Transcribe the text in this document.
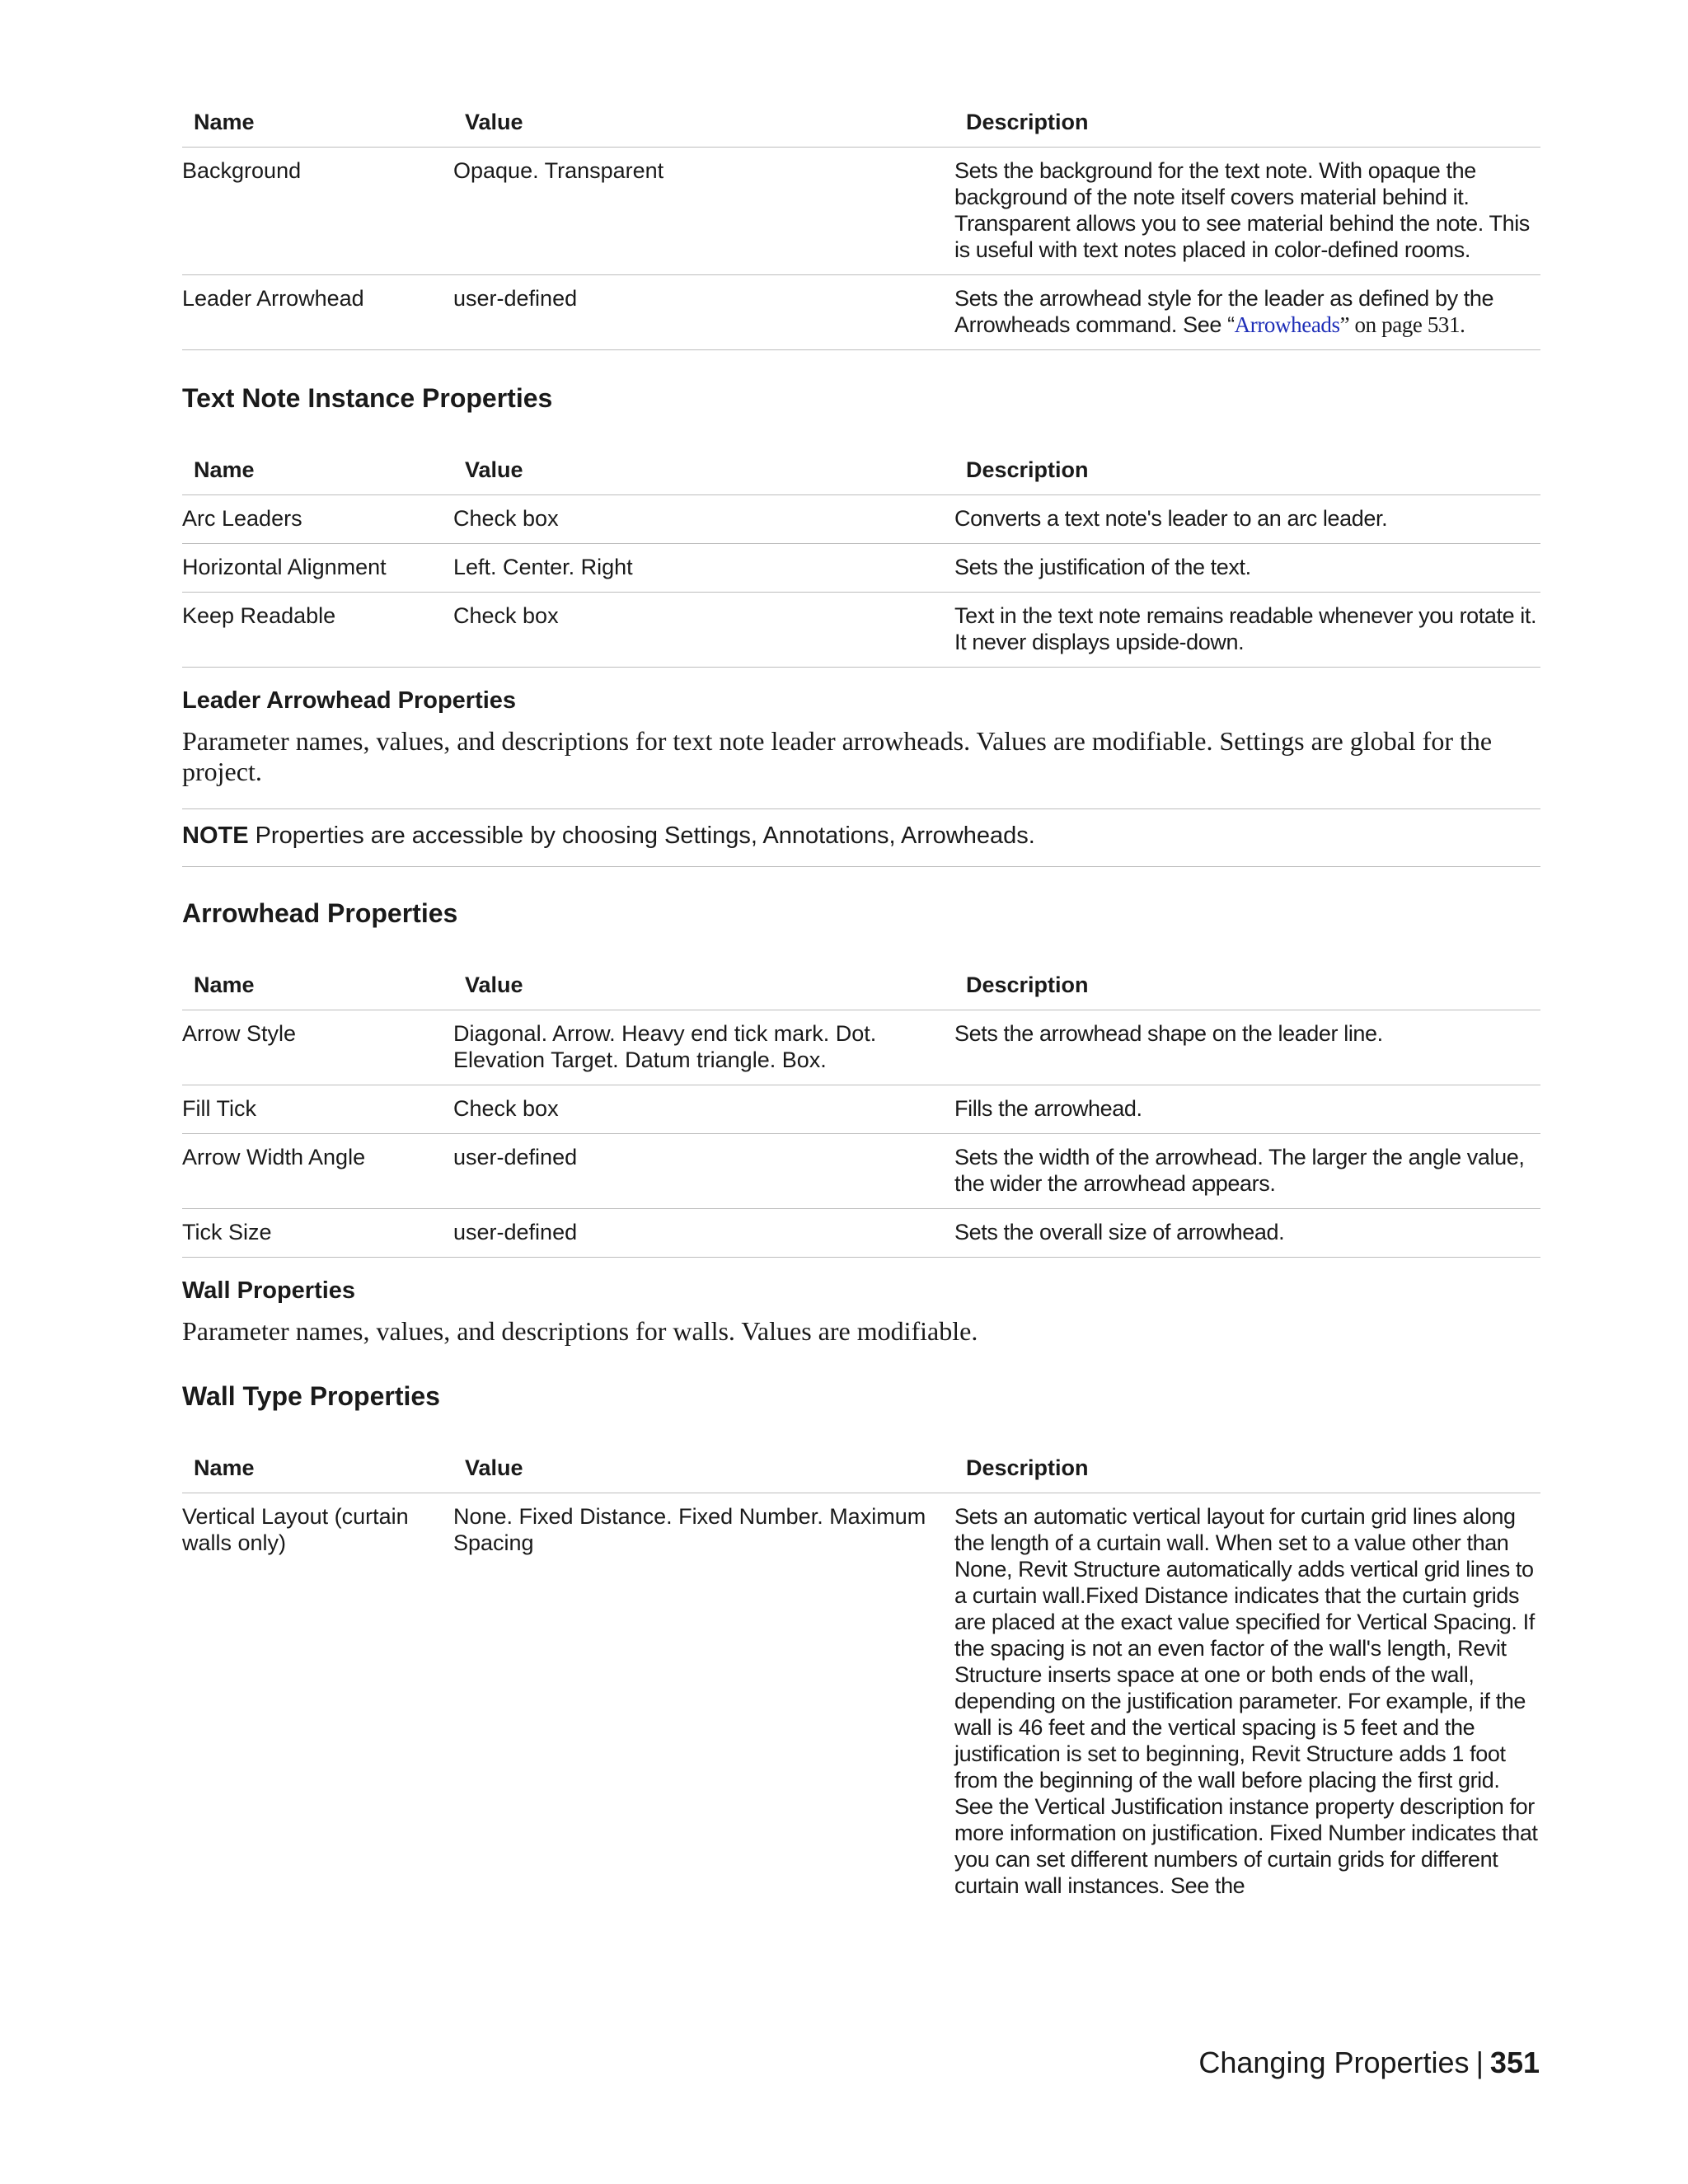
Name	Value	Description
Background	Opaque. Transparent	Sets the background for the text note. With opaque the background of the note itself covers material behind it. Transparent allows you to see material behind the note. This is useful with text notes placed in color-defined rooms.
Leader Arrowhead	user-defined	Sets the arrowhead style for the leader as defined by the Arrowheads command. See “Arrowheads” on page 531.
Text Note Instance Properties
Name	Value	Description
Arc Leaders	Check box	Converts a text note's leader to an arc leader.
Horizontal Alignment	Left. Center. Right	Sets the justification of the text.
Keep Readable	Check box	Text in the text note remains readable whenever you rotate it. It never displays upside-down.
Leader Arrowhead Properties

Parameter names, values, and descriptions for text note leader arrowheads. Values are modifiable. Settings are global for the project.

NOTE Properties are accessible by choosing Settings, Annotations, Arrowheads.
Arrowhead Properties
Name	Value	Description
Arrow Style	Diagonal. Arrow. Heavy end tick mark. Dot. Elevation Target. Datum triangle. Box.	Sets the arrowhead shape on the leader line.
Fill Tick	Check box	Fills the arrowhead.
Arrow Width Angle	user-defined	Sets the width of the arrowhead. The larger the angle value, the wider the arrowhead appears.
Tick Size	user-defined	Sets the overall size of arrowhead.
Wall Properties

Parameter names, values, and descriptions for walls. Values are modifiable.

Wall Type Properties
Name	Value	Description
Vertical Layout (curtain walls only)	None. Fixed Distance. Fixed Number. Maximum Spacing	Sets an automatic vertical layout for curtain grid lines along the length of a curtain wall. When set to a value other than None, Revit Structure automatically adds vertical grid lines to a curtain wall.Fixed Distance indicates that the curtain grids are placed at the exact value specified for Vertical Spacing. If the spacing is not an even factor of the wall's length, Revit Structure inserts space at one or both ends of the wall, depending on the justification parameter. For example, if the wall is 46 feet and the vertical spacing is 5 feet and the justification is set to beginning, Revit Structure adds 1 foot from the beginning of the wall before placing the first grid. See the Vertical Justification instance property description for more information on justification. Fixed Number indicates that you can set different numbers of curtain grids for different curtain wall instances. See the
Changing Properties | 351
